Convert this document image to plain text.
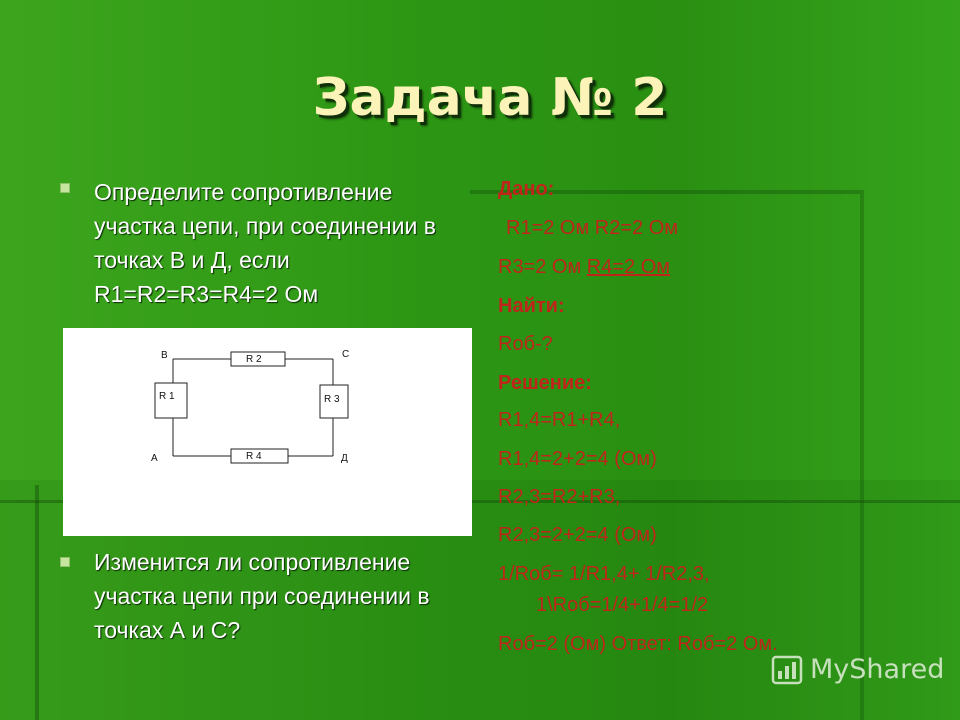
Задача № 2
Определите сопротивление участка цепи, при соединении в точках В и Д, если R1=R2=R3=R4=2 Ом
R 1
R 2
R 3
R 4
В	С
А	Д
Изменится ли сопротивление участка цепи при соединении в точках А и С?
Дано:
R1=2 Ом R2=2 Ом
R3=2 Ом R4=2 Ом
Найти:
Rоб-?
Решение:
R1,4=R1+R4,
R1,4=2+2=4 (Ом)
R2,3=R2+R3,
R2,3=2+2=4 (Ом)
1/Rоб= 1/R1,4+ 1/R2,3,
1\Rоб=1/4+1/4=1/2
Rоб=2 (Ом) Ответ: Rоб=2 Ом.
MyShared
